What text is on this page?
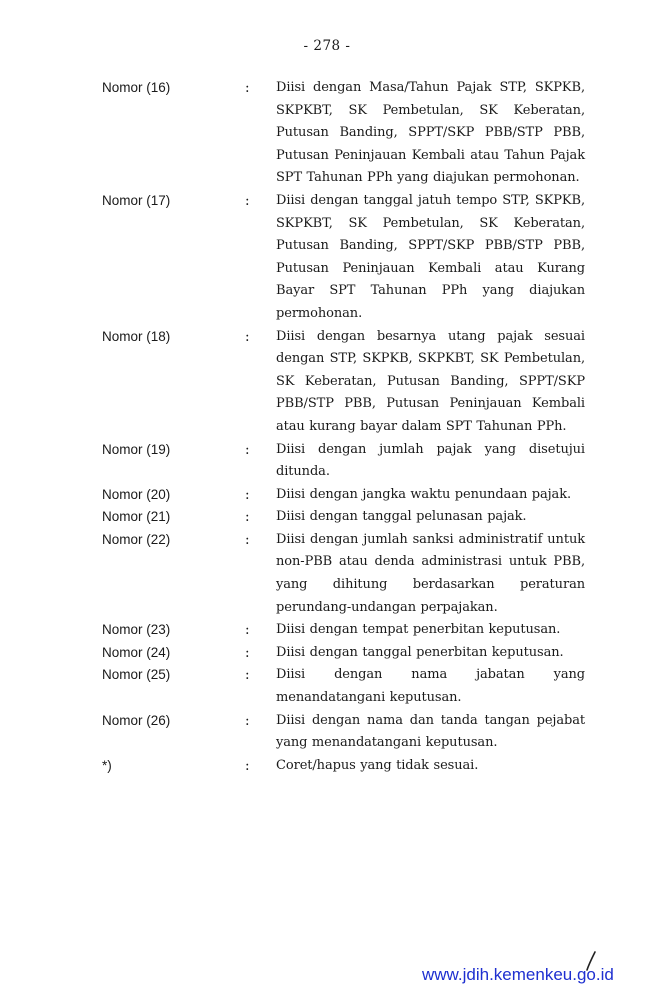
- 278 -
Nomor (16)	: Diisi dengan Masa/Tahun Pajak STP, SKPKB, SKPKBT, SK Pembetulan, SK Keberatan, Putusan Banding, SPPT/SKP PBB/STP PBB, Putusan Peninjauan Kembali atau Tahun Pajak SPT Tahunan PPh yang diajukan permohonan.
Nomor (17)	: Diisi dengan tanggal jatuh tempo STP, SKPKB, SKPKBT, SK Pembetulan, SK Keberatan, Putusan Banding, SPPT/SKP PBB/STP PBB, Putusan Peninjauan Kembali atau Kurang Bayar SPT Tahunan PPh yang diajukan permohonan.
Nomor (18)	: Diisi dengan besarnya utang pajak sesuai dengan STP, SKPKB, SKPKBT, SK Pembetulan, SK Keberatan, Putusan Banding, SPPT/SKP PBB/STP PBB, Putusan Peninjauan Kembali atau kurang bayar dalam SPT Tahunan PPh.
Nomor (19)	: Diisi dengan jumlah pajak yang disetujui ditunda.
Nomor (20)	: Diisi dengan jangka waktu penundaan pajak.
Nomor (21)	: Diisi dengan tanggal pelunasan pajak.
Nomor (22)	: Diisi dengan jumlah sanksi administratif untuk non-PBB atau denda administrasi untuk PBB, yang dihitung berdasarkan peraturan perundang-undangan perpajakan.
Nomor (23)	: Diisi dengan tempat penerbitan keputusan.
Nomor (24)	: Diisi dengan tanggal penerbitan keputusan.
Nomor (25)	: Diisi dengan nama jabatan yang menandatangani keputusan.
Nomor (26)	: Diisi dengan nama dan tanda tangan pejabat yang menandatangani keputusan.
*)	: Coret/hapus yang tidak sesuai.
www.jdih.kemenkeu.go.id
